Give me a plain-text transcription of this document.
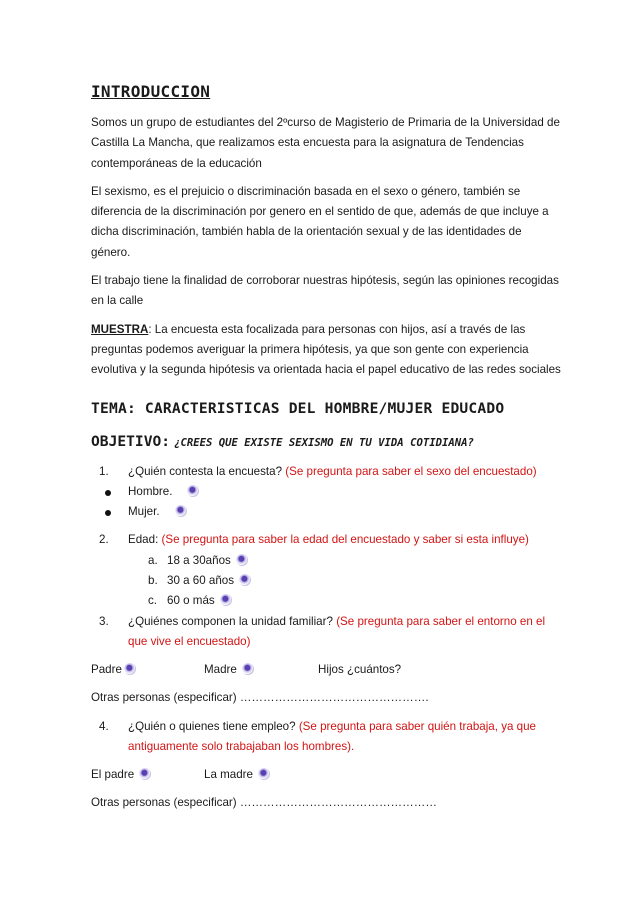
INTRODUCCION

Somos un grupo de estudiantes del 2ºcurso de Magisterio de Primaria de la Universidad de Castilla La Mancha, que realizamos esta encuesta para la asignatura de Tendencias contemporáneas de la educación

El sexismo, es el prejuicio o discriminación basada en el sexo o género, también se diferencia de la discriminación por genero en el sentido de que, además de que incluye a dicha discriminación, también habla de la orientación sexual y de las identidades de género.

El trabajo tiene la finalidad de corroborar nuestras hipótesis, según las opiniones recogidas en la calle

MUESTRA: La encuesta esta focalizada para personas con hijos, así a través de las preguntas podemos averiguar la primera hipótesis, ya que son gente con experiencia evolutiva y la segunda hipótesis va orientada hacia el papel educativo de las redes sociales

TEMA: CARACTERISTICAS DEL HOMBRE/MUJER EDUCADO
OBJETIVO: ¿CREES QUE EXISTE SEXISMO EN TU VIDA COTIDIANA?
1. ¿Quién contesta la encuesta? (Se pregunta para saber el sexo del encuestado)
Hombre.
Mujer.
2. Edad: (Se pregunta para saber la edad del encuestado y saber si esta influye)
a. 18 a 30años
b. 30 a 60 años
c. 60 o más
3. ¿Quiénes componen la unidad familiar? (Se pregunta para saber el entorno en el que vive el encuestado)
Padre	Madre	Hijos ¿cuántos?
Otras personas (especificar) ………………………………………….
4. ¿Quién o quienes tiene empleo? (Se pregunta para saber quién trabaja, ya que antiguamente solo trabajaban los hombres).
El padre	La madre
Otras personas (especificar) ……………………………………………
